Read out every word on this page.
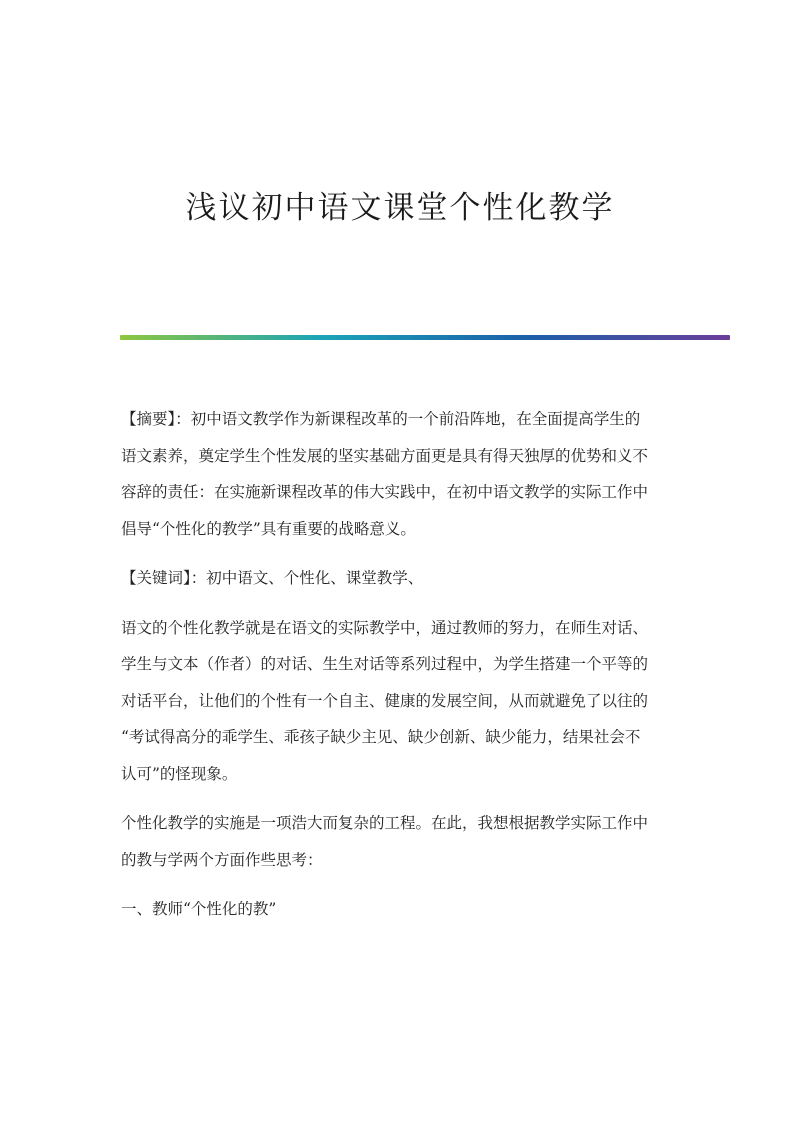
浅议初中语文课堂个性化教学

【摘要】：初中语文教学作为新课程改革的一个前沿阵地，在全面提高学生的
语文素养，奠定学生个性发展的坚实基础方面更是具有得天独厚的优势和义不
容辞的责任：在实施新课程改革的伟大实践中，在初中语文教学的实际工作中
倡导“个性化的教学”具有重要的战略意义。

【关键词】：初中语文、个性化、课堂教学、

语文的个性化教学就是在语文的实际教学中，通过教师的努力，在师生对话、
学生与文本（作者）的对话、生生对话等系列过程中，为学生搭建一个平等的
对话平台，让他们的个性有一个自主、健康的发展空间，从而就避免了以往的
“考试得高分的乖学生、乖孩子缺少主见、缺少创新、缺少能力，结果社会不
认可”的怪现象。

个性化教学的实施是一项浩大而复杂的工程。在此，我想根据教学实际工作中
的教与学两个方面作些思考：

一、教师“个性化的教”
